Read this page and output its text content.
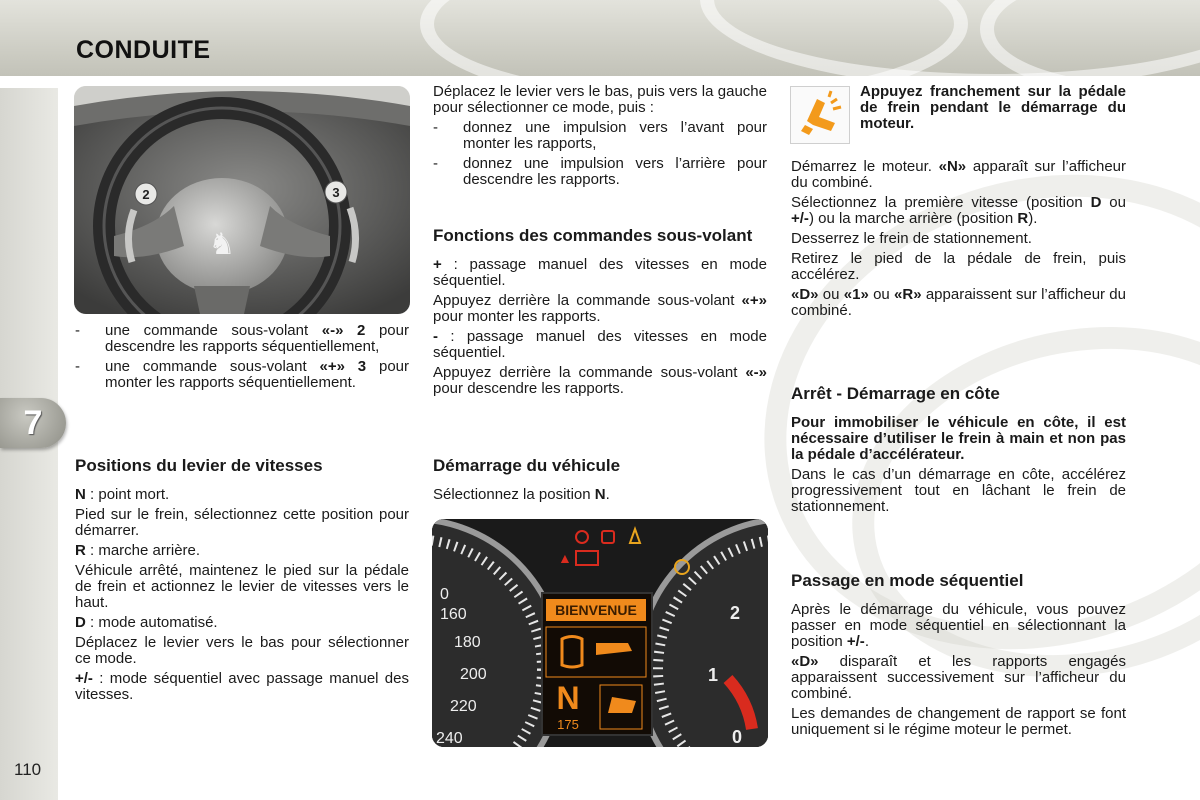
CONDUITE
7
110
♞
2	3

- une commande sous-volant «-» 2 pour descendre les rapports séquentiellement,

- une commande sous-volant «+» 3 pour monter les rapports séquentiellement.

Positions du levier de vitesses

N : point mort.

Pied sur le frein, sélectionnez cette position pour démarrer.

R : marche arrière.

Véhicule arrêté, maintenez le pied sur la pédale de frein et actionnez le levier de vitesses vers le haut.

D : mode automatisé.

Déplacez le levier vers le bas pour sélectionner ce mode.

+/- : mode séquentiel avec passage manuel des vitesses.

Déplacez le levier vers le bas, puis vers la gauche pour sélectionner ce mode, puis :

- donnez une impulsion vers l’avant pour monter les rapports,

- donnez une impulsion vers l’arrière pour descendre les rapports.

Fonctions des commandes sous-volant

+ : passage manuel des vitesses en mode séquentiel.

Appuyez derrière la commande sous-volant «+» pour monter les rapports.

- : passage manuel des vitesses en mode séquentiel.

Appuyez derrière la commande sous-volant «-» pour descendre les rapports.

Démarrage du véhicule

Sélectionnez la position N.

0
160
180
200
220
240
2
1
0
▲
BIENVENUE
N
175

Appuyez franchement sur la pédale de frein pendant le démarrage du moteur.

Démarrez le moteur. «N» apparaît sur l’afficheur du combiné.

Sélectionnez la première vitesse (position D ou +/-) ou la marche arrière (position R).

Desserrez le frein de stationnement.

Retirez le pied de la pédale de frein, puis accélérez.

«D» ou «1» ou «R» apparaissent sur l’afficheur du combiné.

Arrêt - Démarrage en côte

Pour immobiliser le véhicule en côte, il est nécessaire d’utiliser le frein à main et non pas la pédale d’accélérateur.

Dans le cas d’un démarrage en côte, accélérez progressivement tout en lâchant le frein de stationnement.

Passage en mode séquentiel

Après le démarrage du véhicule, vous pouvez passer en mode séquentiel en sélectionnant la position +/-.

«D» disparaît et les rapports engagés apparaissent successivement sur l’afficheur du combiné.

Les demandes de changement de rapport se font uniquement si le régime moteur le permet.
